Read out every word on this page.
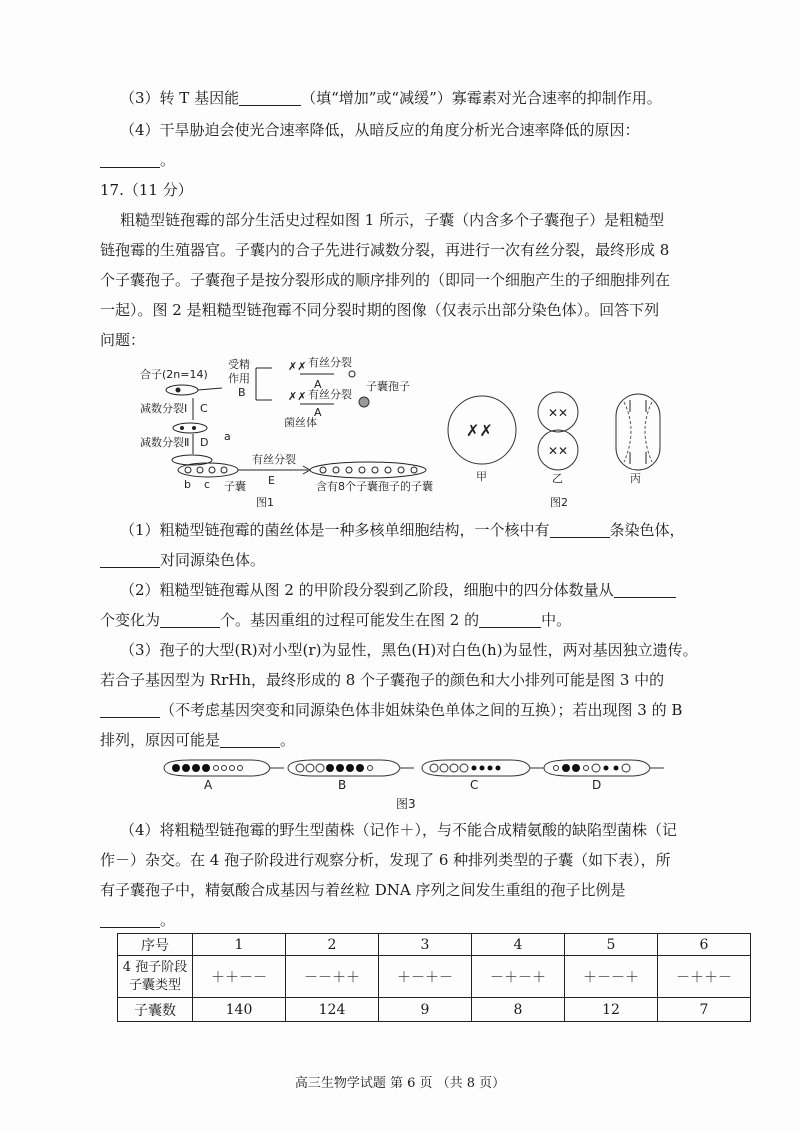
（3）转 T 基因能	（填“增加”或“减缓”）寡霉素对光合速率的抑制作用。
（4）干旱胁迫会使光合速率降低，从暗反应的角度分析光合速率降低的原因：
。
17.（11 分）
粗糙型链孢霉的部分生活史过程如图 1 所示，子囊（内含多个子囊孢子）是粗糙型
链孢霉的生殖器官。子囊内的合子先进行减数分裂，再进行一次有丝分裂，最终形成 8
个子囊孢子。子囊孢子是按分裂形成的顺序排列的（即同一个细胞产生的子细胞排列在
一起）。图 2 是粗糙型链孢霉不同分裂时期的图像（仅表示出部分染色体）。回答下列
问题：
合子(2n=14)
受精
作用
B
✗✗
✗✗
有丝分裂
A
有丝分裂
A
子囊孢子
菌丝体
减数分裂Ⅰ C
减数分裂Ⅱ D a
有丝分裂
E	含有8个子囊孢子的子囊
b c 子囊
图1
✗✗
甲
✕✕
✕✕
乙	丙
图2
（1）粗糙型链孢霉的菌丝体是一种多核单细胞结构，一个核中有	条染色体，
对同源染色体。
（2）粗糙型链孢霉从图 2 的甲阶段分裂到乙阶段，细胞中的四分体数量从
个变化为	个。基因重组的过程可能发生在图 2 的	中。
（3）孢子的大型(R)对小型(r)为显性，黑色(H)对白色(h)为显性，两对基因独立遗传。
若合子基因型为 RrHh，最终形成的 8 个子囊孢子的颜色和大小排列可能是图 3 中的
（不考虑基因突变和同源染色体非姐妹染色单体之间的互换）；若出现图 3 的 B
排列，原因可能是	。
A	B	C	D
图3
（4）将粗糙型链孢霉的野生型菌株（记作＋），与不能合成精氨酸的缺陷型菌株（记
作－）杂交。在 4 孢子阶段进行观察分析，发现了 6 种排列类型的子囊（如下表），所
有子囊孢子中，精氨酸合成基因与着丝粒 DNA 序列之间发生重组的孢子比例是
。
序号	1	2	3	4	5	6

4 孢子阶段
子囊类型	＋＋－－	－－＋＋	＋－＋－	－＋－＋	＋－－＋	－＋＋－
子囊数	140	124	9	8	12	7
高三生物学试题 第 6 页 （共 8 页）
